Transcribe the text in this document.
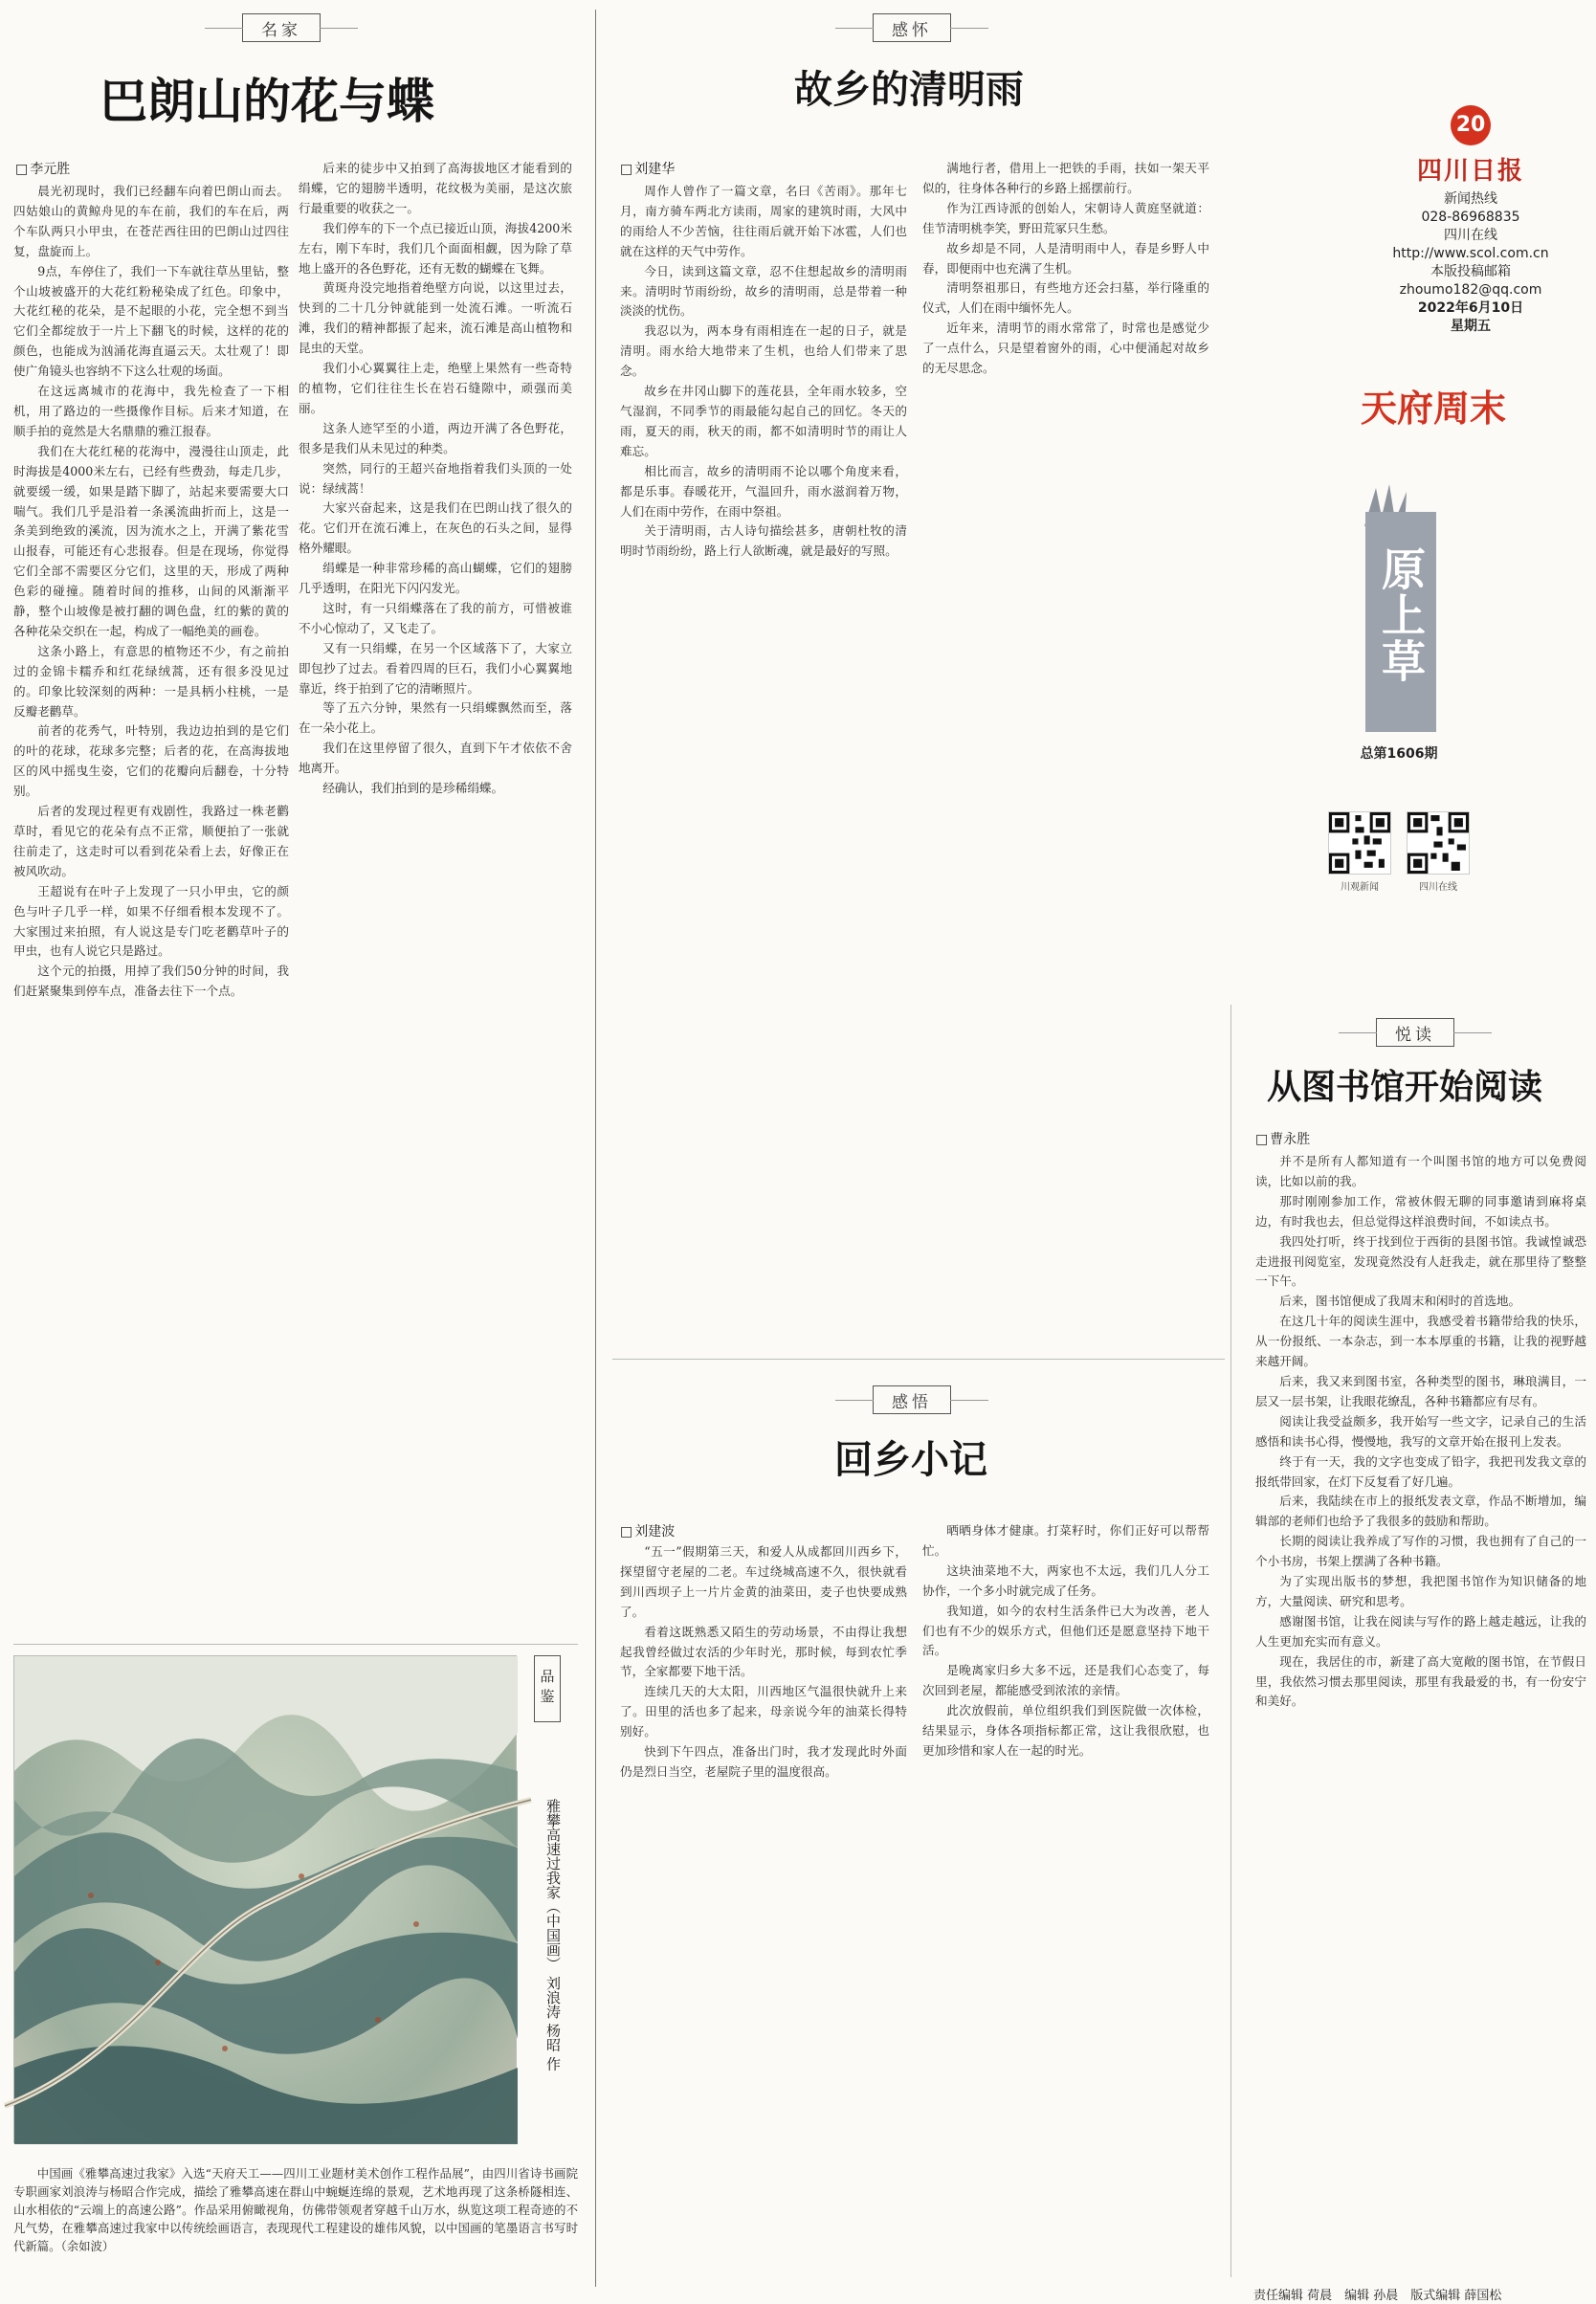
名家
巴朗山的花与蝶
□ 李元胜

晨光初现时，我们已经翻车向着巴朗山而去。四姑娘山的黄鲸舟见的车在前，我们的车在后，两个车队两只小甲虫，在苍茫西往田的巴朗山过四往复，盘旋而上。

9点，车停住了，我们一下车就往草丛里钻，整个山坡被盛开的大花红粉秘染成了红色。印象中，大花红秘的花朵，是不起眼的小花，完全想不到当它们全都绽放于一片上下翻飞的时候，这样的花的颜色，也能成为汹涌花海直逼云天。太壮观了！即使广角镜头也容纳不下这么壮观的场面。

在这远离城市的花海中，我先检查了一下相机，用了路边的一些摄像作目标。后来才知道，在顺手拍的竟然是大名鼎鼎的雅江报春。

我们在大花红秘的花海中，漫漫往山顶走，此时海拔是4000米左右，已经有些费劲，每走几步，就要缓一缓，如果是踏下脚了，站起来要需要大口喘气。我们几乎是沿着一条溪流曲折而上，这是一条美到绝致的溪流，因为流水之上，开满了紫花雪山报春，可能还有心悲报春。但是在现场，你觉得它们全部不需要区分它们，这里的天，形成了两种色彩的碰撞。随着时间的推移，山间的风渐渐平静，整个山坡像是被打翻的调色盘，红的紫的黄的各种花朵交织在一起，构成了一幅绝美的画卷。

这条小路上，有意思的植物还不少，有之前拍过的金锦卡糯乔和红花绿绒蒿，还有很多没见过的。印象比较深刻的两种：一是具柄小柱桃，一是反瓣老鹳草。

前者的花秀气，叶特别，我边边拍到的是它们的叶的花球，花球多完整；后者的花，在高海拔地区的风中摇曳生姿，它们的花瓣向后翻卷，十分特别。

后者的发现过程更有戏剧性，我路过一株老鹳草时，看见它的花朵有点不正常，顺便拍了一张就往前走了，这走时可以看到花朵看上去，好像正在被风吹动。

王超说有在叶子上发现了一只小甲虫，它的颜色与叶子几乎一样，如果不仔细看根本发现不了。大家围过来拍照，有人说这是专门吃老鹳草叶子的甲虫，也有人说它只是路过。

这个元的拍摄，用掉了我们50分钟的时间，我们赶紧聚集到停车点，准备去往下一个点。

后来的徒步中又拍到了高海拔地区才能看到的绢蝶，它的翅膀半透明，花纹极为美丽，是这次旅行最重要的收获之一。

我们停车的下一个点已接近山顶，海拔4200米左右，刚下车时，我们几个面面相觑，因为除了草地上盛开的各色野花，还有无数的蝴蝶在飞舞。

黄斑舟没完地指着绝壁方向说，以这里过去，快到的二十几分钟就能到一处流石滩。一听流石滩，我们的精神都振了起来，流石滩是高山植物和昆虫的天堂。

我们小心翼翼往上走，绝壁上果然有一些奇特的植物，它们往往生长在岩石缝隙中，顽强而美丽。

这条人迹罕至的小道，两边开满了各色野花，很多是我们从未见过的种类。

突然，同行的王超兴奋地指着我们头顶的一处说：绿绒蒿！

大家兴奋起来，这是我们在巴朗山找了很久的花。它们开在流石滩上，在灰色的石头之间，显得格外耀眼。

绢蝶是一种非常珍稀的高山蝴蝶，它们的翅膀几乎透明，在阳光下闪闪发光。

这时，有一只绢蝶落在了我的前方，可惜被谁不小心惊动了，又飞走了。

又有一只绢蝶，在另一个区域落下了，大家立即包抄了过去。看着四周的巨石，我们小心翼翼地靠近，终于拍到了它的清晰照片。

等了五六分钟，果然有一只绢蝶飘然而至，落在一朵小花上。

我们在这里停留了很久，直到下午才依依不舍地离开。

经确认，我们拍到的是珍稀绢蝶。

品鉴
雅攀高速过我家（中国画） 刘浪涛 杨昭 作
中国画《雅攀高速过我家》入选“天府天工——四川工业题材美术创作工程作品展”，由四川省诗书画院专职画家刘浪涛与杨昭合作完成，描绘了雅攀高速在群山中蜿蜒连绵的景观，艺术地再现了这条桥隧相连、山水相依的“云端上的高速公路”。作品采用俯瞰视角，仿佛带领观者穿越千山万水，纵览这项工程奇迹的不凡气势，在雅攀高速过我家中以传统绘画语言，表现现代工程建设的雄伟风貌，以中国画的笔墨语言书写时代新篇。（余如波）
感怀
故乡的清明雨
□ 刘建华

周作人曾作了一篇文章，名曰《苦雨》。那年七月，南方骑车两北方读雨，周家的建筑时雨，大风中的雨给人不少苦恼，往往雨后就开始下冰雹，人们也就在这样的天气中劳作。

今日，读到这篇文章，忍不住想起故乡的清明雨来。清明时节雨纷纷，故乡的清明雨，总是带着一种淡淡的忧伤。

我忍以为，两本身有雨相连在一起的日子，就是清明。雨水给大地带来了生机，也给人们带来了思念。

故乡在井冈山脚下的莲花县，全年雨水较多，空气湿润，不同季节的雨最能勾起自己的回忆。冬天的雨，夏天的雨，秋天的雨，都不如清明时节的雨让人难忘。

相比而言，故乡的清明雨不论以哪个角度来看，都是乐事。春暖花开，气温回升，雨水滋润着万物，人们在雨中劳作，在雨中祭祖。

关于清明雨，古人诗句描绘甚多，唐朝杜牧的清明时节雨纷纷，路上行人欲断魂，就是最好的写照。

满地行者，借用上一把铁的手雨，扶如一架天平似的，往身体各种行的乡路上摇摆前行。

作为江西诗派的创始人，宋朝诗人黄庭坚就道：佳节清明桃李笑，野田荒冢只生愁。

故乡却是不同，人是清明雨中人，春是乡野人中春，即便雨中也充满了生机。

清明祭祖那日，有些地方还会扫墓，举行隆重的仪式，人们在雨中缅怀先人。

近年来，清明节的雨水常常了，时常也是感觉少了一点什么，只是望着窗外的雨，心中便涌起对故乡的无尽思念。

感悟
回乡小记
□ 刘建波

“五一”假期第三天，和爱人从成都回川西乡下，探望留守老屋的二老。车过绕城高速不久，很快就看到川西坝子上一片片金黄的油菜田，麦子也快要成熟了。

看着这既熟悉又陌生的劳动场景，不由得让我想起我曾经做过农活的少年时光，那时候，每到农忙季节，全家都要下地干活。

连续几天的大太阳，川西地区气温很快就升上来了。田里的活也多了起来，母亲说今年的油菜长得特别好。

快到下午四点，准备出门时，我才发现此时外面仍是烈日当空，老屋院子里的温度很高。

晒晒身体才健康。打菜籽时，你们正好可以帮帮忙。

这块油菜地不大，两家也不太远，我们几人分工协作，一个多小时就完成了任务。

我知道，如今的农村生活条件已大为改善，老人们也有不少的娱乐方式，但他们还是愿意坚持下地干活。

是晚离家归乡大多不远，还是我们心态变了，每次回到老屋，都能感受到浓浓的亲情。

此次放假前，单位组织我们到医院做一次体检，结果显示，身体各项指标都正常，这让我很欣慰，也更加珍惜和家人在一起的时光。

20
四川日报
新闻热线
028-86968835
四川在线
http://www.scol.com.cn
本版投稿邮箱
zhoumo182@qq.com
2022年6月10日
星期五
天府周末
原上草
总第1606期
川观新闻	四川在线
悦读
从图书馆开始阅读
□ 曹永胜

并不是所有人都知道有一个叫图书馆的地方可以免费阅读，比如以前的我。

那时刚刚参加工作，常被休假无聊的同事邀请到麻将桌边，有时我也去，但总觉得这样浪费时间，不如读点书。

我四处打听，终于找到位于西街的县图书馆。我诚惶诚恐走进报刊阅览室，发现竟然没有人赶我走，就在那里待了整整一下午。

后来，图书馆便成了我周末和闲时的首选地。

在这几十年的阅读生涯中，我感受着书籍带给我的快乐，从一份报纸、一本杂志，到一本本厚重的书籍，让我的视野越来越开阔。

后来，我又来到图书室，各种类型的图书，琳琅满目，一层又一层书架，让我眼花缭乱，各种书籍都应有尽有。

阅读让我受益颇多，我开始写一些文字，记录自己的生活感悟和读书心得，慢慢地，我写的文章开始在报刊上发表。

终于有一天，我的文字也变成了铅字，我把刊发我文章的报纸带回家，在灯下反复看了好几遍。

后来，我陆续在市上的报纸发表文章，作品不断增加，编辑部的老师们也给予了我很多的鼓励和帮助。

长期的阅读让我养成了写作的习惯，我也拥有了自己的一个小书房，书架上摆满了各种书籍。

为了实现出版书的梦想，我把图书馆作为知识储备的地方，大量阅读、研究和思考。

感谢图书馆，让我在阅读与写作的路上越走越远，让我的人生更加充实而有意义。

现在，我居住的市，新建了高大宽敞的图书馆，在节假日里，我依然习惯去那里阅读，那里有我最爱的书，有一份安宁和美好。

责任编辑 荷晨　编辑 孙晨　版式编辑 薛国松
